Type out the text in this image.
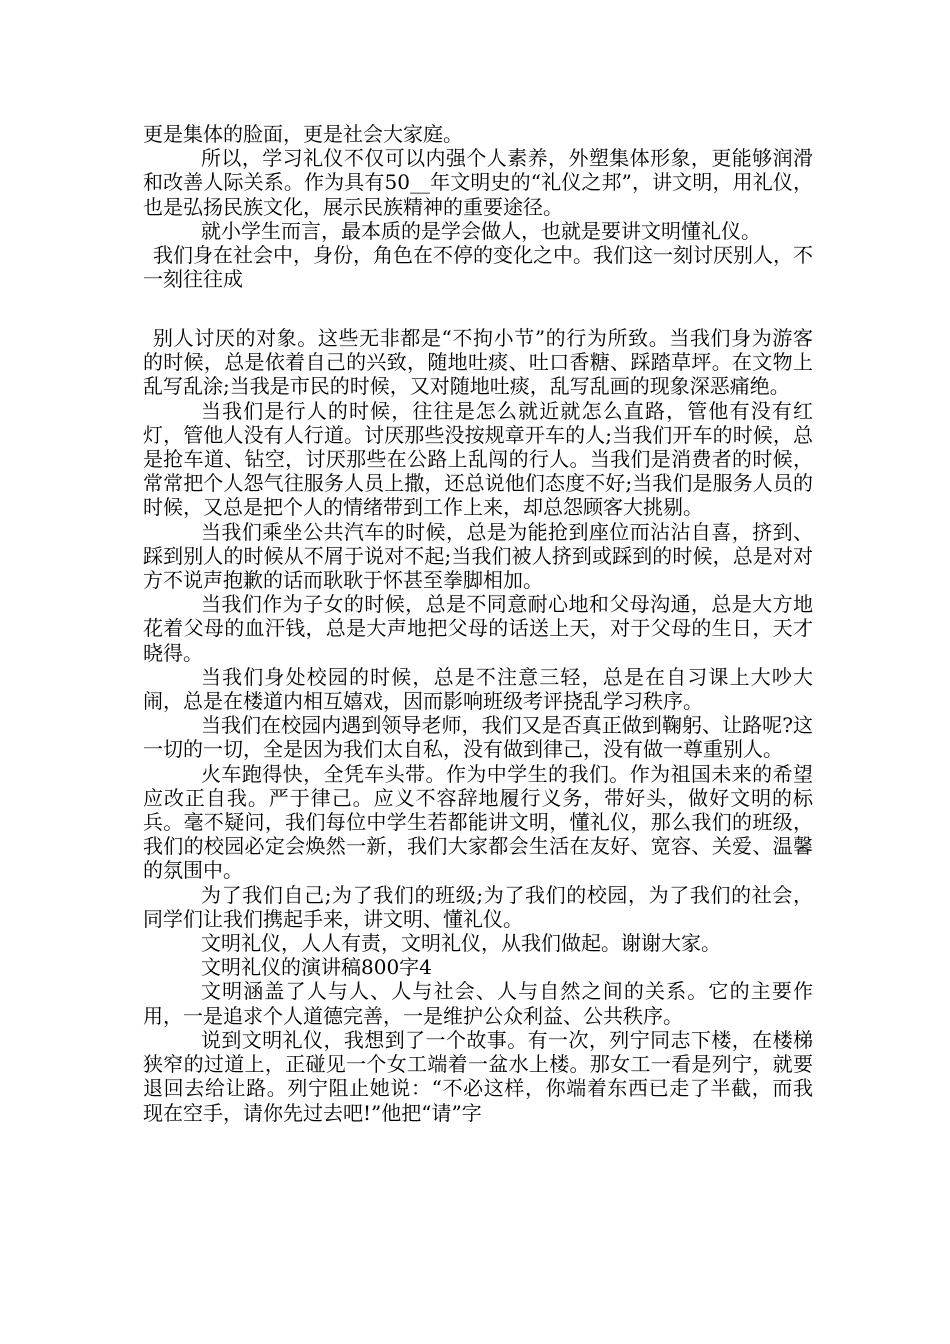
更是集体的脸面，更是社会大家庭。

所以，学习礼仪不仅可以内强个人素养，外塑集体形象，更能够润滑和改善人际关系。作为具有50__年文明史的“礼仪之邦”，讲文明，用礼仪，也是弘扬民族文化，展示民族精神的重要途径。

就小学生而言，最本质的是学会做人，也就是要讲文明懂礼仪。

我们身在社会中，身份，角色在不停的变化之中。我们这一刻讨厌别人，不一刻往往成

别人讨厌的对象。这些无非都是“不拘小节”的行为所致。当我们身为游客的时候，总是依着自己的兴致，随地吐痰、吐口香糖、踩踏草坪。在文物上乱写乱涂;当我是市民的时候，又对随地吐痰，乱写乱画的现象深恶痛绝。

当我们是行人的时候，往往是怎么就近就怎么直路，管他有没有红灯，管他人没有人行道。讨厌那些没按规章开车的人;当我们开车的时候，总是抢车道、钻空，讨厌那些在公路上乱闯的行人。当我们是消费者的时候，常常把个人怨气往服务人员上撒，还总说他们态度不好;当我们是服务人员的时候，又总是把个人的情绪带到工作上来，却总怨顾客大挑剔。

当我们乘坐公共汽车的时候，总是为能抢到座位而沾沾自喜，挤到、踩到别人的时候从不屑于说对不起;当我们被人挤到或踩到的时候，总是对对方不说声抱歉的话而耿耿于怀甚至拳脚相加。

当我们作为子女的时候，总是不同意耐心地和父母沟通，总是大方地花着父母的血汗钱，总是大声地把父母的话送上天，对于父母的生日，天才晓得。

当我们身处校园的时候，总是不注意三轻，总是在自习课上大吵大闹，总是在楼道内相互嬉戏，因而影响班级考评挠乱学习秩序。

当我们在校园内遇到领导老师，我们又是否真正做到鞠躬、让路呢?这一切的一切，全是因为我们太自私，没有做到律己，没有做一尊重别人。

火车跑得快，全凭车头带。作为中学生的我们。作为祖国未来的希望应改正自我。严于律己。应义不容辞地履行义务，带好头，做好文明的标兵。毫不疑问，我们每位中学生若都能讲文明，懂礼仪，那么我们的班级，我们的校园必定会焕然一新，我们大家都会生活在友好、宽容、关爱、温馨的氛围中。

为了我们自己;为了我们的班级;为了我们的校园，为了我们的社会，同学们让我们携起手来，讲文明、懂礼仪。

文明礼仪，人人有责，文明礼仪，从我们做起。谢谢大家。

文明礼仪的演讲稿800字4

文明涵盖了人与人、人与社会、人与自然之间的关系。它的主要作用，一是追求个人道德完善，一是维护公众利益、公共秩序。

说到文明礼仪，我想到了一个故事。有一次，列宁同志下楼，在楼梯狭窄的过道上，正碰见一个女工端着一盆水上楼。那女工一看是列宁，就要退回去给让路。列宁阻止她说：“不必这样，你端着东西已走了半截，而我现在空手，请你先过去吧!”他把“请”字
